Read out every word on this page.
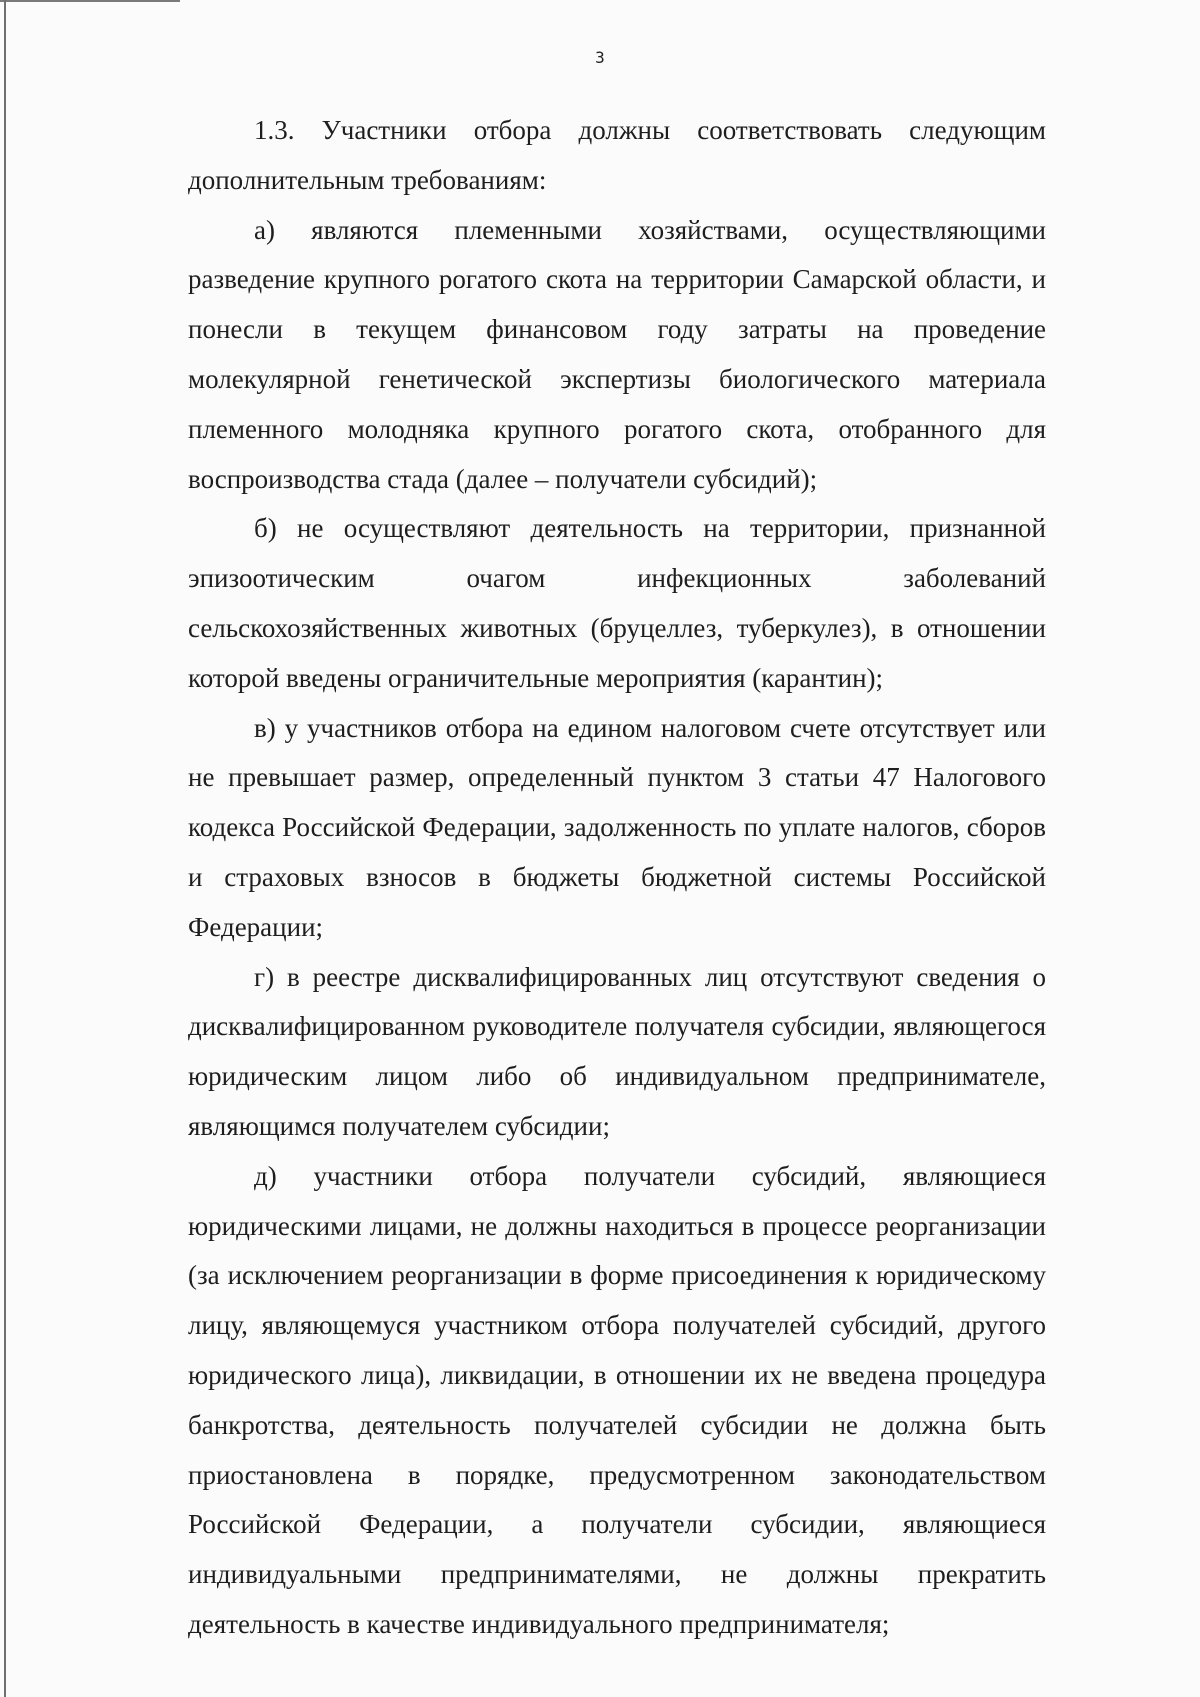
3

1.3. Участники отбора должны соответствовать следующим дополнительным требованиям:

а) являются племенными хозяйствами, осуществляющими разведение крупного рогатого скота на территории Самарской области, и понесли в текущем финансовом году затраты на проведение молекулярной генетической экспертизы биологического материала племенного молодняка крупного рогатого скота, отобранного для воспроизводства стада (далее – получатели субсидий);

б) не осуществляют деятельность на территории, признанной эпизоотическим очагом инфекционных заболеваний сельскохозяйственных животных (бруцеллез, туберкулез), в отношении которой введены ограничительные мероприятия (карантин);

в) у участников отбора на едином налоговом счете отсутствует или не превышает размер, определенный пунктом 3 статьи 47 Налогового кодекса Российской Федерации, задолженность по уплате налогов, сборов и страховых взносов в бюджеты бюджетной системы Российской Федерации;

г) в реестре дисквалифицированных лиц отсутствуют сведения о дисквалифицированном руководителе получателя субсидии, являющегося юридическим лицом либо об индивидуальном предпринимателе, являющимся получателем субсидии;

д) участники отбора получатели субсидий, являющиеся юридическими лицами, не должны находиться в процессе реорганизации (за исключением реорганизации в форме присоединения к юридическому лицу, являющемуся участником отбора получателей субсидий, другого юридического лица), ликвидации, в отношении их не введена процедура банкротства, деятельность получателей субсидии не должна быть приостановлена в порядке, предусмотренном законодательством Российской Федерации, а получатели субсидии, являющиеся индивидуальными предпринимателями, не должны прекратить деятельность в качестве индивидуального предпринимателя;
